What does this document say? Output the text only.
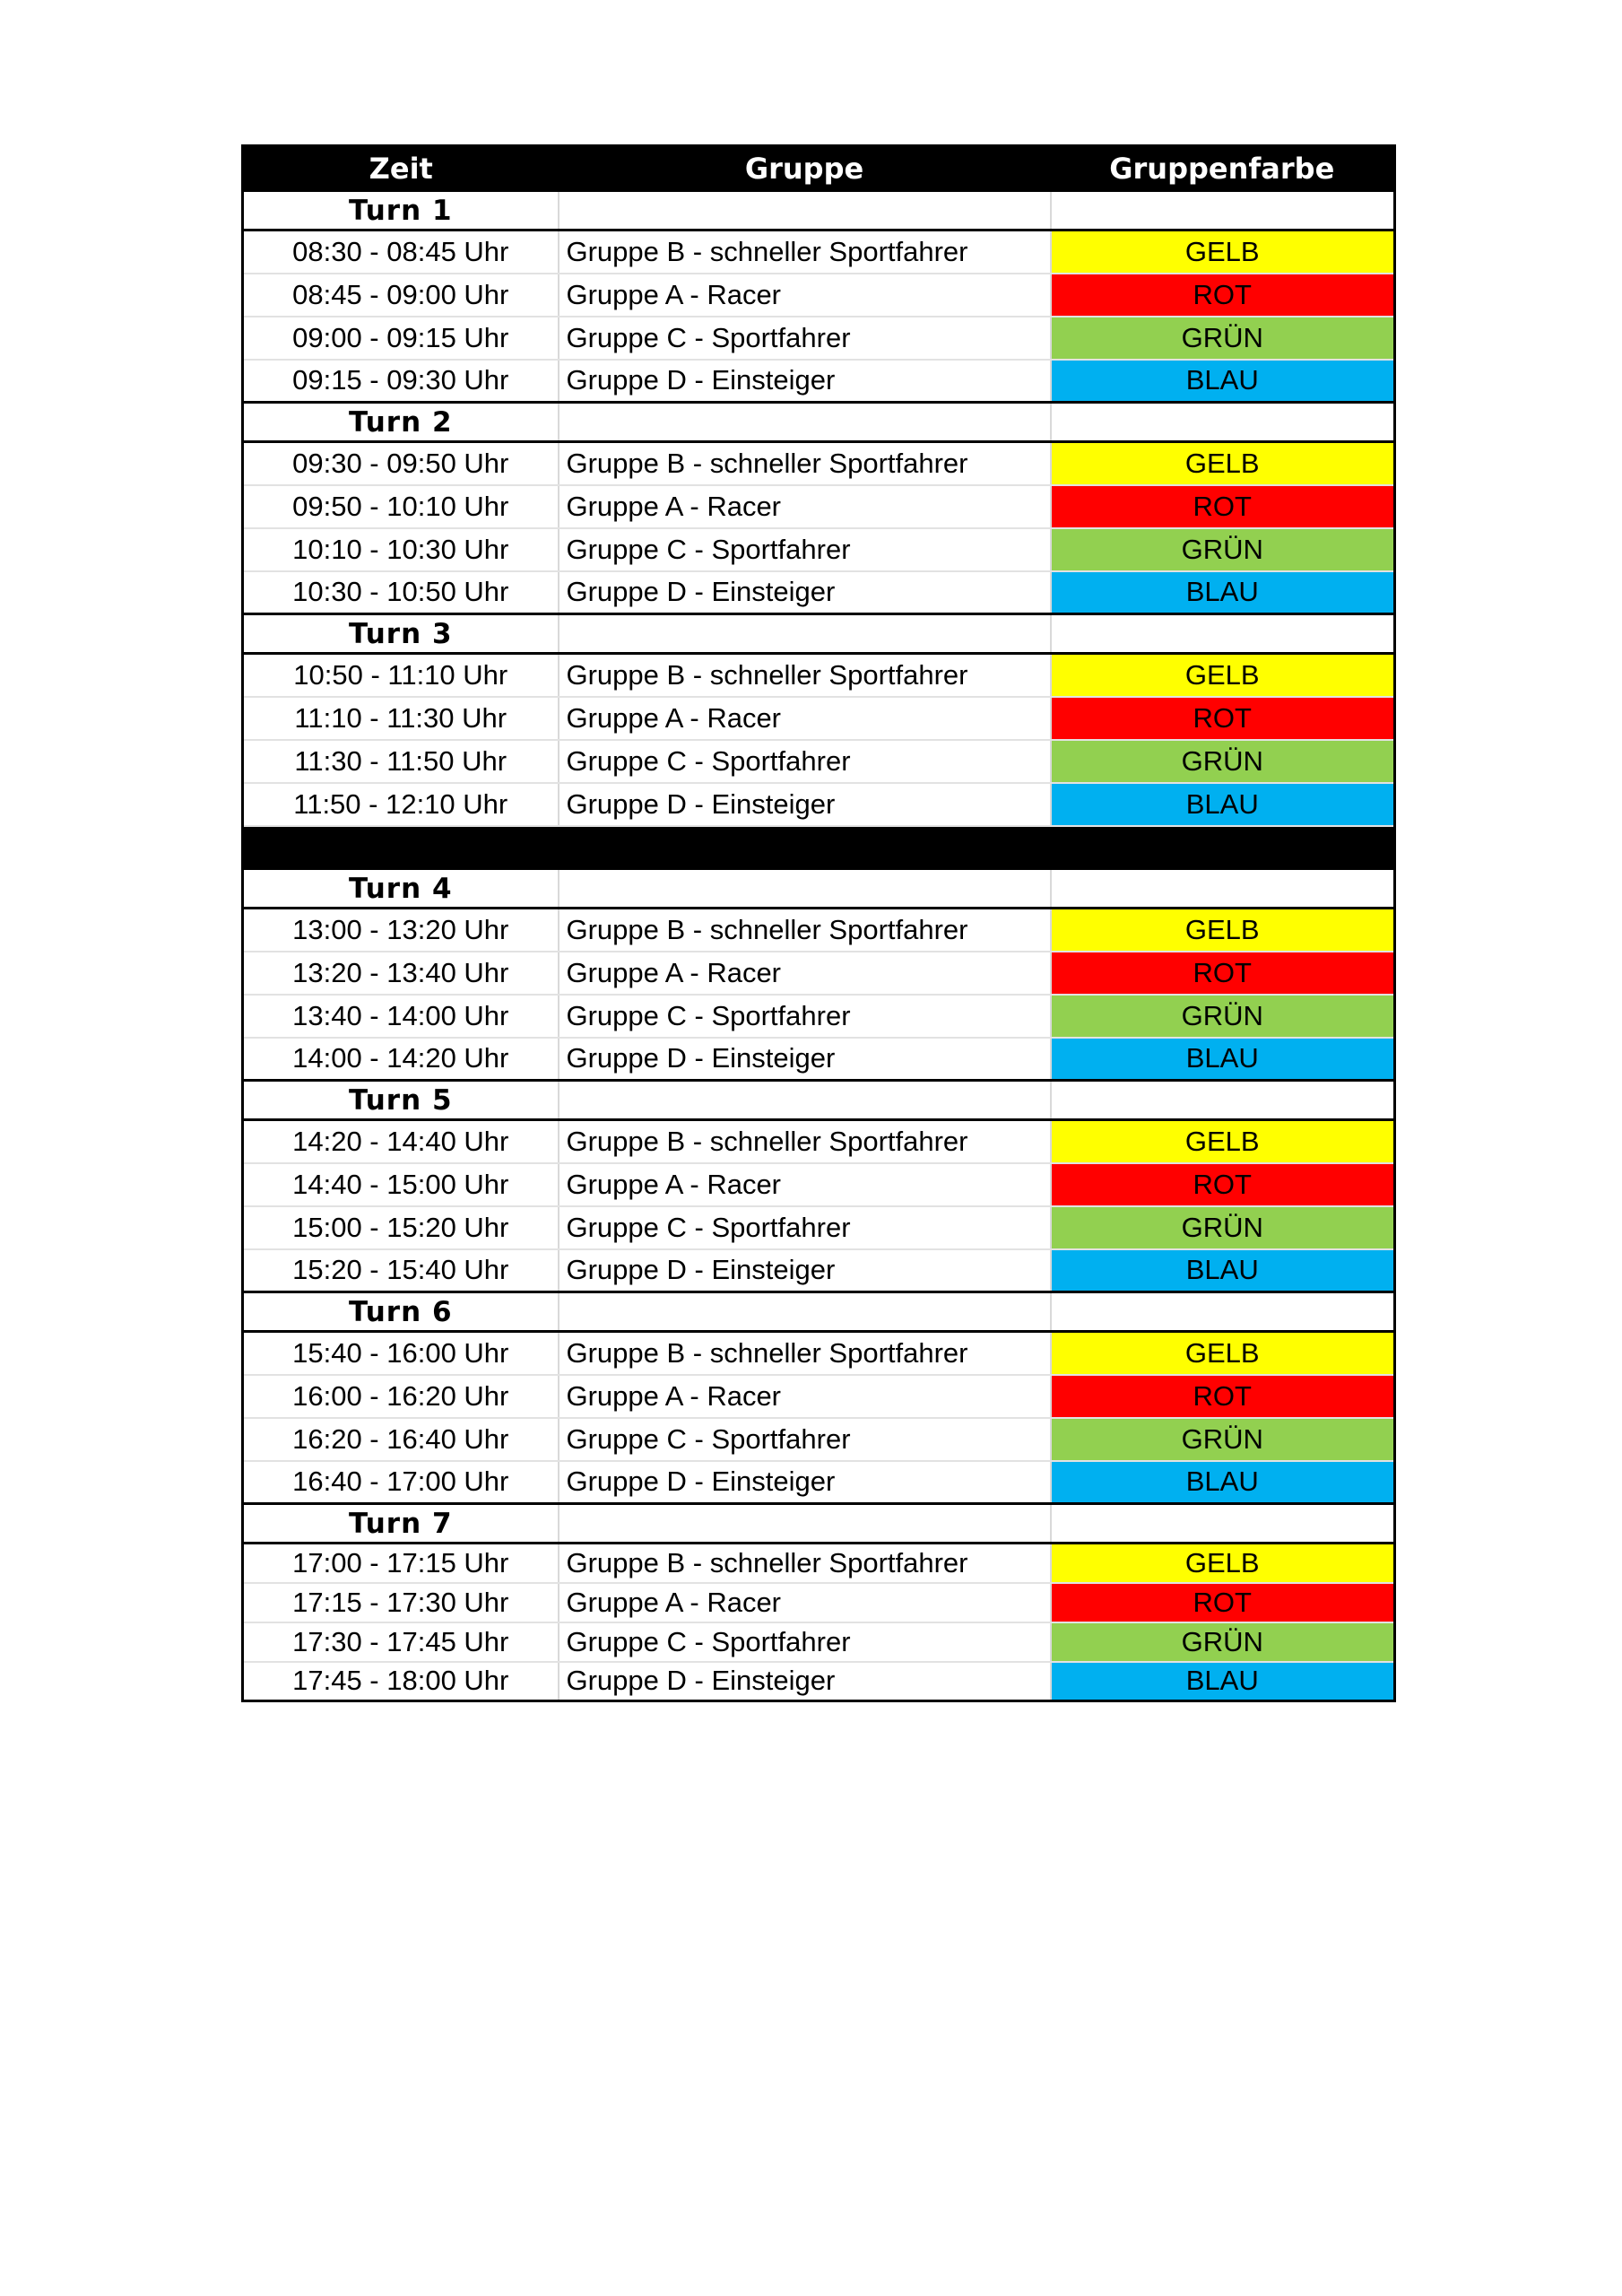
Zeit	Gruppe	Gruppenfarbe
Turn 1		
08:30 - 08:45 Uhr	Gruppe B - schneller Sportfahrer	GELB
08:45 - 09:00 Uhr	Gruppe A - Racer	ROT
09:00 - 09:15 Uhr	Gruppe C - Sportfahrer	GRÜN
09:15 - 09:30 Uhr	Gruppe D - Einsteiger	BLAU
Turn 2		
09:30 - 09:50 Uhr	Gruppe B - schneller Sportfahrer	GELB
09:50 - 10:10 Uhr	Gruppe A - Racer	ROT
10:10 - 10:30 Uhr	Gruppe C - Sportfahrer	GRÜN
10:30 - 10:50 Uhr	Gruppe D - Einsteiger	BLAU
Turn 3		
10:50 - 11:10 Uhr	Gruppe B - schneller Sportfahrer	GELB
11:10 - 11:30 Uhr	Gruppe A - Racer	ROT
11:30 - 11:50 Uhr	Gruppe C - Sportfahrer	GRÜN
11:50 - 12:10 Uhr	Gruppe D - Einsteiger	BLAU

Turn 4		
13:00 - 13:20 Uhr	Gruppe B - schneller Sportfahrer	GELB
13:20 - 13:40 Uhr	Gruppe A - Racer	ROT
13:40 - 14:00 Uhr	Gruppe C - Sportfahrer	GRÜN
14:00 - 14:20 Uhr	Gruppe D - Einsteiger	BLAU
Turn 5		
14:20 - 14:40 Uhr	Gruppe B - schneller Sportfahrer	GELB
14:40 - 15:00 Uhr	Gruppe A - Racer	ROT
15:00 - 15:20 Uhr	Gruppe C - Sportfahrer	GRÜN
15:20 - 15:40 Uhr	Gruppe D - Einsteiger	BLAU
Turn 6		
15:40 - 16:00 Uhr	Gruppe B - schneller Sportfahrer	GELB
16:00 - 16:20 Uhr	Gruppe A - Racer	ROT
16:20 - 16:40 Uhr	Gruppe C - Sportfahrer	GRÜN
16:40 - 17:00 Uhr	Gruppe D - Einsteiger	BLAU
Turn 7		
17:00 - 17:15 Uhr	Gruppe B - schneller Sportfahrer	GELB
17:15 - 17:30 Uhr	Gruppe A - Racer	ROT
17:30 - 17:45 Uhr	Gruppe C - Sportfahrer	GRÜN
17:45 - 18:00 Uhr	Gruppe D - Einsteiger	BLAU
